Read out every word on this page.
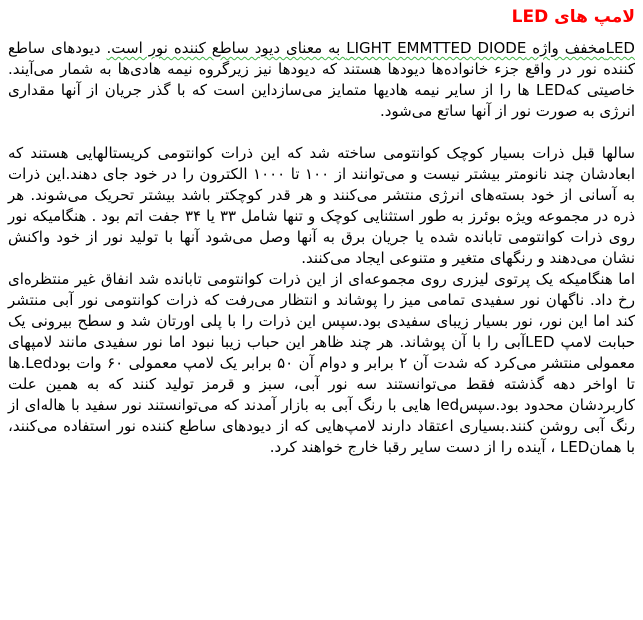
لامپ های LED

LEDمخفف واژه LIGHT EMMTTED DIODE به معنای دیود ساطع کننده نور است. دیودهای ساطع کننده نور در واقع جزء خانواده‌ها دیودها هستند که دیودها نیز زیرگروه نیمه هادی‌ها به شمار می‌آیند. خاصیتی کهLED ها را از سایر نیمه هادیها متمایز می‌سازداین است که با گذر جریان از آنها مقداری انرژی به صورت نور از آنها ساتع می‌شود.

سالها قبل ذرات بسیار کوچک کوانتومی ساخته شد که این ذرات کوانتومی کریستالهایی هستند که ابعادشان چند نانومتر بیشتر نیست و می‌توانند از ۱۰۰ تا ۱۰۰۰ الکترون را در خود جای دهند.این ذرات به آسانی از خود بسته‌های انرژی منتشر می‌کنند و هر قدر کوچکتر باشد بیشتر تحریک می‌شوند. هر ذره در مجموعه ویژه بوئرز به طور استثنایی کوچک و تنها شامل ۳۳ یا ۳۴ جفت اتم بود . هنگامیکه نور روی ذرات کوانتومی تابانده شده یا جریان برق به آنها وصل می‌شود آنها با تولید نور از خود واکنش نشان می‌دهند و رنگهای متغیر و متنوعی ایجاد می‌کنند.

اما هنگامیکه یک پرتوی لیزری روی مجموعه‌ای از این ذرات کوانتومی تابانده شد انفاق غیر منتظره‌ای رخ داد. ناگهان نور سفیدی تمامی میز را پوشاند و انتظار می‌رفت که ذرات کوانتومی نور آبی منتشر کند اما این نور، نور بسیار زیبای سفیدی بود.سپس این ذرات را با پلی اورتان شد و سطح بیرونی یک حبابت لامپ LEDآبی را با آن پوشاند. هر چند ظاهر این حباب زیبا نبود اما نور سفیدی مانند لامپهای معمولی منتشر می‌کرد که شدت آن ۲ برابر و دوام آن ۵۰ برابر یک لامپ معمولی ۶۰ وات بودLed.ها تا اواخر دهه گذشته فقط می‌توانستند سه نور آبی، سبز و قرمز تولید کنند که به همین علت کاربردشان محدود بود.سپسled هایی با رنگ آبی به بازار آمدند که می‌توانستند نور سفید با هاله‌ای از رنگ آبی روشن کنند.بسیاری اعتقاد دارند لامپ‌هایی که از دیودهای ساطع کننده نور استفاده می‌کنند، با همانLED ، آینده را از دست سایر رقبا خارج خواهند کرد.
